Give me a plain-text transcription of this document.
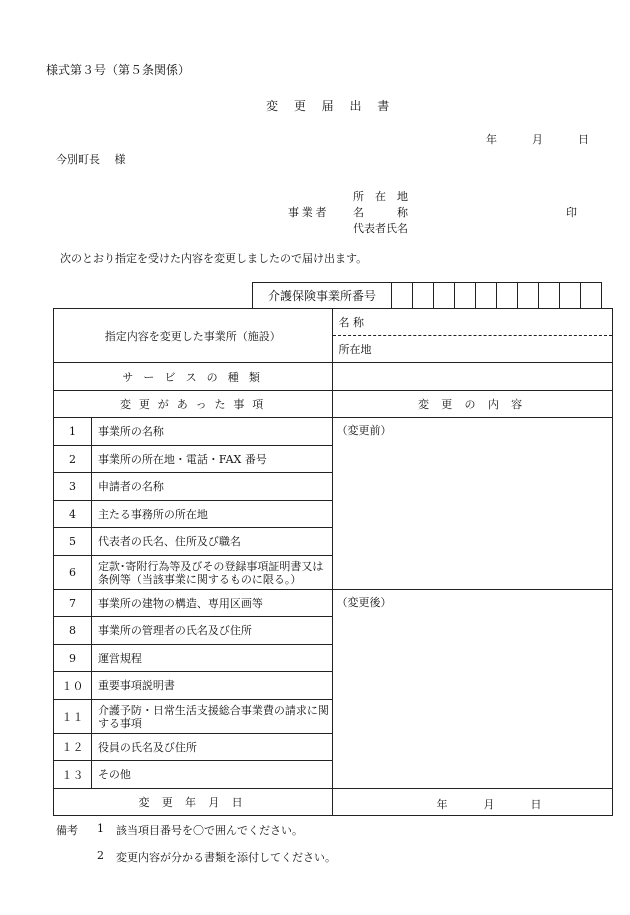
様式第３号（第５条関係）
変 更 届 出 書
年	月	日
今別町長　 様
所　在　地
事業者 名　　　称	印
代表者氏名
次のとおり指定を受けた内容を変更しましたので届け出ます。
介護保険事業所番号										
指定内容を変更した事業所（施設）		名 称
		所在地
サ ー ビ ス の 種 類		
変 更 が あ っ た 事 項		変 更 の 内 容
1	事業所の名称	（変更前）
2	事業所の所在地・電話・FAX 番号	
3	申請者の名称	
4	主たる事務所の所在地	
5	代表者の氏名、住所及び職名	
6	定款･寄附行為等及びその登録事項証明書又は条例等（当該事業に関するものに限る。）	
7	事業所の建物の構造、専用区画等	（変更後）
8	事業所の管理者の氏名及び住所	
9	運営規程	
１０	重要事項説明書	
１１	介護予防・日常生活支援総合事業費の請求に関する事項	
１２	役員の氏名及び住所	
１３	その他	
変 更 年 月 日		年 月 日
備考 1 該当項目番号を〇で囲んでください。
2 変更内容が分かる書類を添付してください。
